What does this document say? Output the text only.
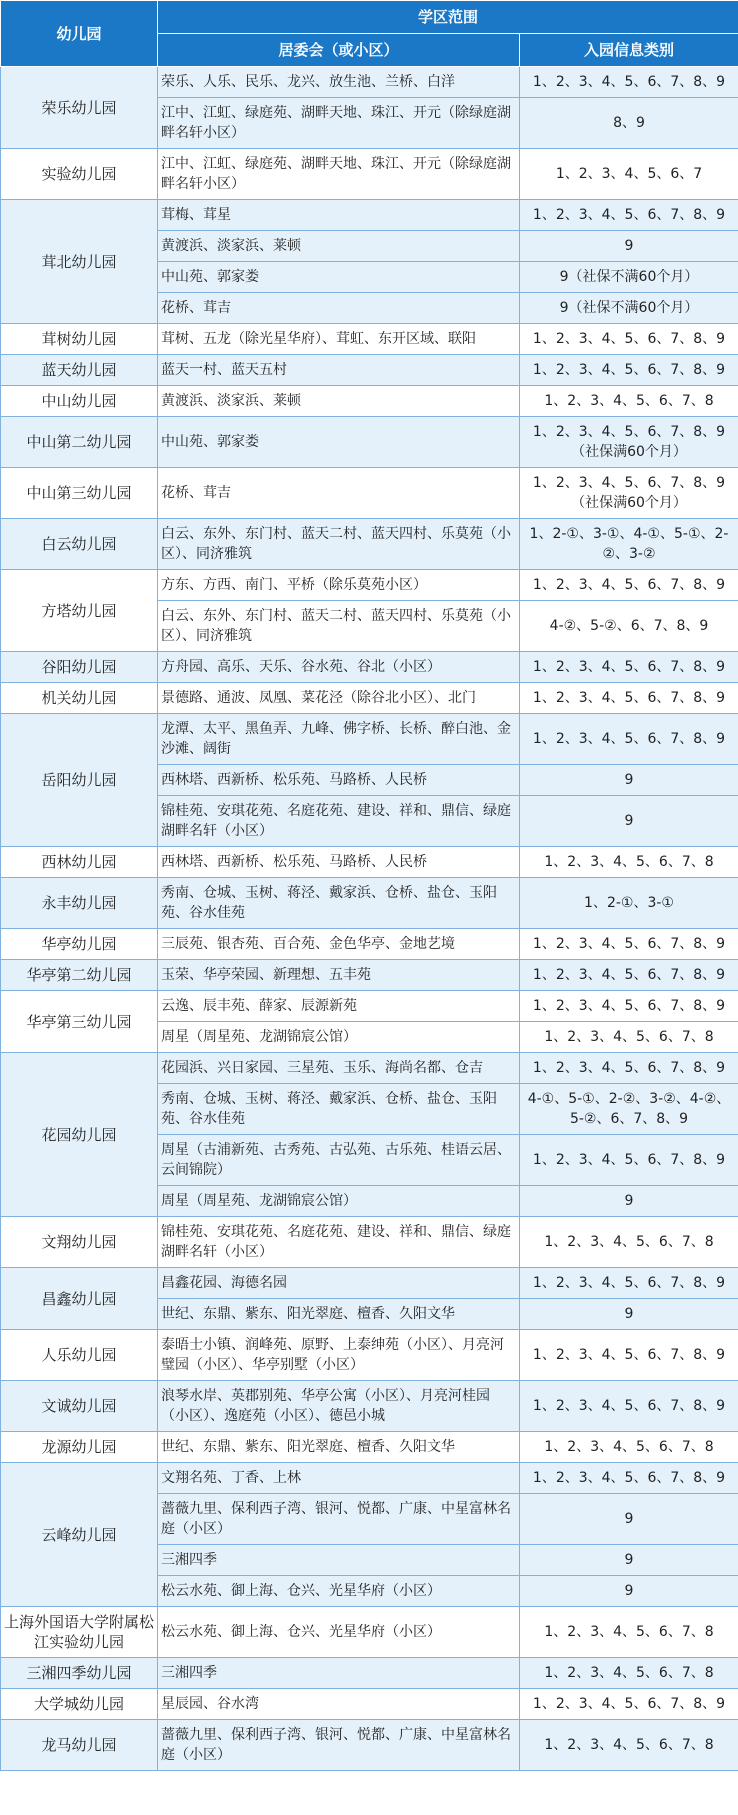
幼儿园	学区范围	
	居委会（或小区）	入园信息类别
荣乐幼儿园	荣乐、人乐、民乐、龙兴、放生池、兰桥、白洋	1、2、3、4、5、6、7、8、9
	江中、江虹、绿庭苑、湖畔天地、珠江、开元（除绿庭湖畔名轩小区）	8、9
实验幼儿园	江中、江虹、绿庭苑、湖畔天地、珠江、开元（除绿庭湖畔名轩小区）	1、2、3、4、5、6、7
茸北幼儿园	茸梅、茸星	1、2、3、4、5、6、7、8、9
	黄渡浜、淡家浜、莱顿	9
	中山苑、郭家娄	9（社保不满60个月）
	花桥、茸吉	9（社保不满60个月）
茸树幼儿园	茸树、五龙（除光星华府）、茸虹、东开区域、联阳	1、2、3、4、5、6、7、8、9
蓝天幼儿园	蓝天一村、蓝天五村	1、2、3、4、5、6、7、8、9
中山幼儿园	黄渡浜、淡家浜、莱顿	1、2、3、4、5、6、7、8
中山第二幼儿园	中山苑、郭家娄	1、2、3、4、5、6、7、8、9（社保满60个月）
中山第三幼儿园	花桥、茸吉	1、2、3、4、5、6、7、8、9（社保满60个月）
白云幼儿园	白云、东外、东门村、蓝天二村、蓝天四村、乐莫苑（小区）、同济雅筑	1、2-①、3-①、4-①、5-①、2-②、3-②
方塔幼儿园	方东、方西、南门、平桥（除乐莫苑小区）	1、2、3、4、5、6、7、8、9
	白云、东外、东门村、蓝天二村、蓝天四村、乐莫苑（小区）、同济雅筑	4-②、5-②、6、7、8、9
谷阳幼儿园	方舟园、高乐、天乐、谷水苑、谷北（小区）	1、2、3、4、5、6、7、8、9
机关幼儿园	景德路、通波、凤凰、菜花泾（除谷北小区）、北门	1、2、3、4、5、6、7、8、9
岳阳幼儿园	龙潭、太平、黑鱼弄、九峰、佛字桥、长桥、醉白池、金沙滩、阔街	1、2、3、4、5、6、7、8、9
	西林塔、西新桥、松乐苑、马路桥、人民桥	9
	锦桂苑、安琪花苑、名庭花苑、建设、祥和、鼎信、绿庭湖畔名轩（小区）	9
西林幼儿园	西林塔、西新桥、松乐苑、马路桥、人民桥	1、2、3、4、5、6、7、8
永丰幼儿园	秀南、仓城、玉树、蒋泾、戴家浜、仓桥、盐仓、玉阳苑、谷水佳苑	1、2-①、3-①
华亭幼儿园	三辰苑、银杏苑、百合苑、金色华亭、金地艺境	1、2、3、4、5、6、7、8、9
华亭第二幼儿园	玉荣、华亭荣园、新理想、五丰苑	1、2、3、4、5、6、7、8、9
华亭第三幼儿园	云逸、辰丰苑、薛家、辰源新苑	1、2、3、4、5、6、7、8、9
	周星（周星苑、龙湖锦宸公馆）	1、2、3、4、5、6、7、8
花园幼儿园	花园浜、兴日家园、三星苑、玉乐、海尚名都、仓吉	1、2、3、4、5、6、7、8、9
	秀南、仓城、玉树、蒋泾、戴家浜、仓桥、盐仓、玉阳苑、谷水佳苑	4-①、5-①、2-②、3-②、4-②、5-②、6、7、8、9
	周星（古浦新苑、古秀苑、古弘苑、古乐苑、桂语云居、云间锦院）	1、2、3、4、5、6、7、8、9
	周星（周星苑、龙湖锦宸公馆）	9
文翔幼儿园	锦桂苑、安琪花苑、名庭花苑、建设、祥和、鼎信、绿庭湖畔名轩（小区）	1、2、3、4、5、6、7、8
昌鑫幼儿园	昌鑫花园、海德名园	1、2、3、4、5、6、7、8、9
	世纪、东鼎、紫东、阳光翠庭、檀香、久阳文华	9
人乐幼儿园	泰晤士小镇、润峰苑、原野、上泰绅苑（小区）、月亮河璧园（小区）、华亭别墅（小区）	1、2、3、4、5、6、7、8、9
文诚幼儿园	浪琴水岸、英郡别苑、华亭公寓（小区）、月亮河桂园（小区）、逸庭苑（小区）、德邑小城	1、2、3、4、5、6、7、8、9
龙源幼儿园	世纪、东鼎、紫东、阳光翠庭、檀香、久阳文华	1、2、3、4、5、6、7、8
云峰幼儿园	文翔名苑、丁香、上林	1、2、3、4、5、6、7、8、9
	蔷薇九里、保利西子湾、银河、悦都、广康、中星富林名庭（小区）	9
	三湘四季	9
	松云水苑、御上海、仓兴、光星华府（小区）	9
上海外国语大学附属松江实验幼儿园	松云水苑、御上海、仓兴、光星华府（小区）	1、2、3、4、5、6、7、8
三湘四季幼儿园	三湘四季	1、2、3、4、5、6、7、8
大学城幼儿园	星辰园、谷水湾	1、2、3、4、5、6、7、8、9
龙马幼儿园	蔷薇九里、保利西子湾、银河、悦都、广康、中星富林名庭（小区）	1、2、3、4、5、6、7、8
